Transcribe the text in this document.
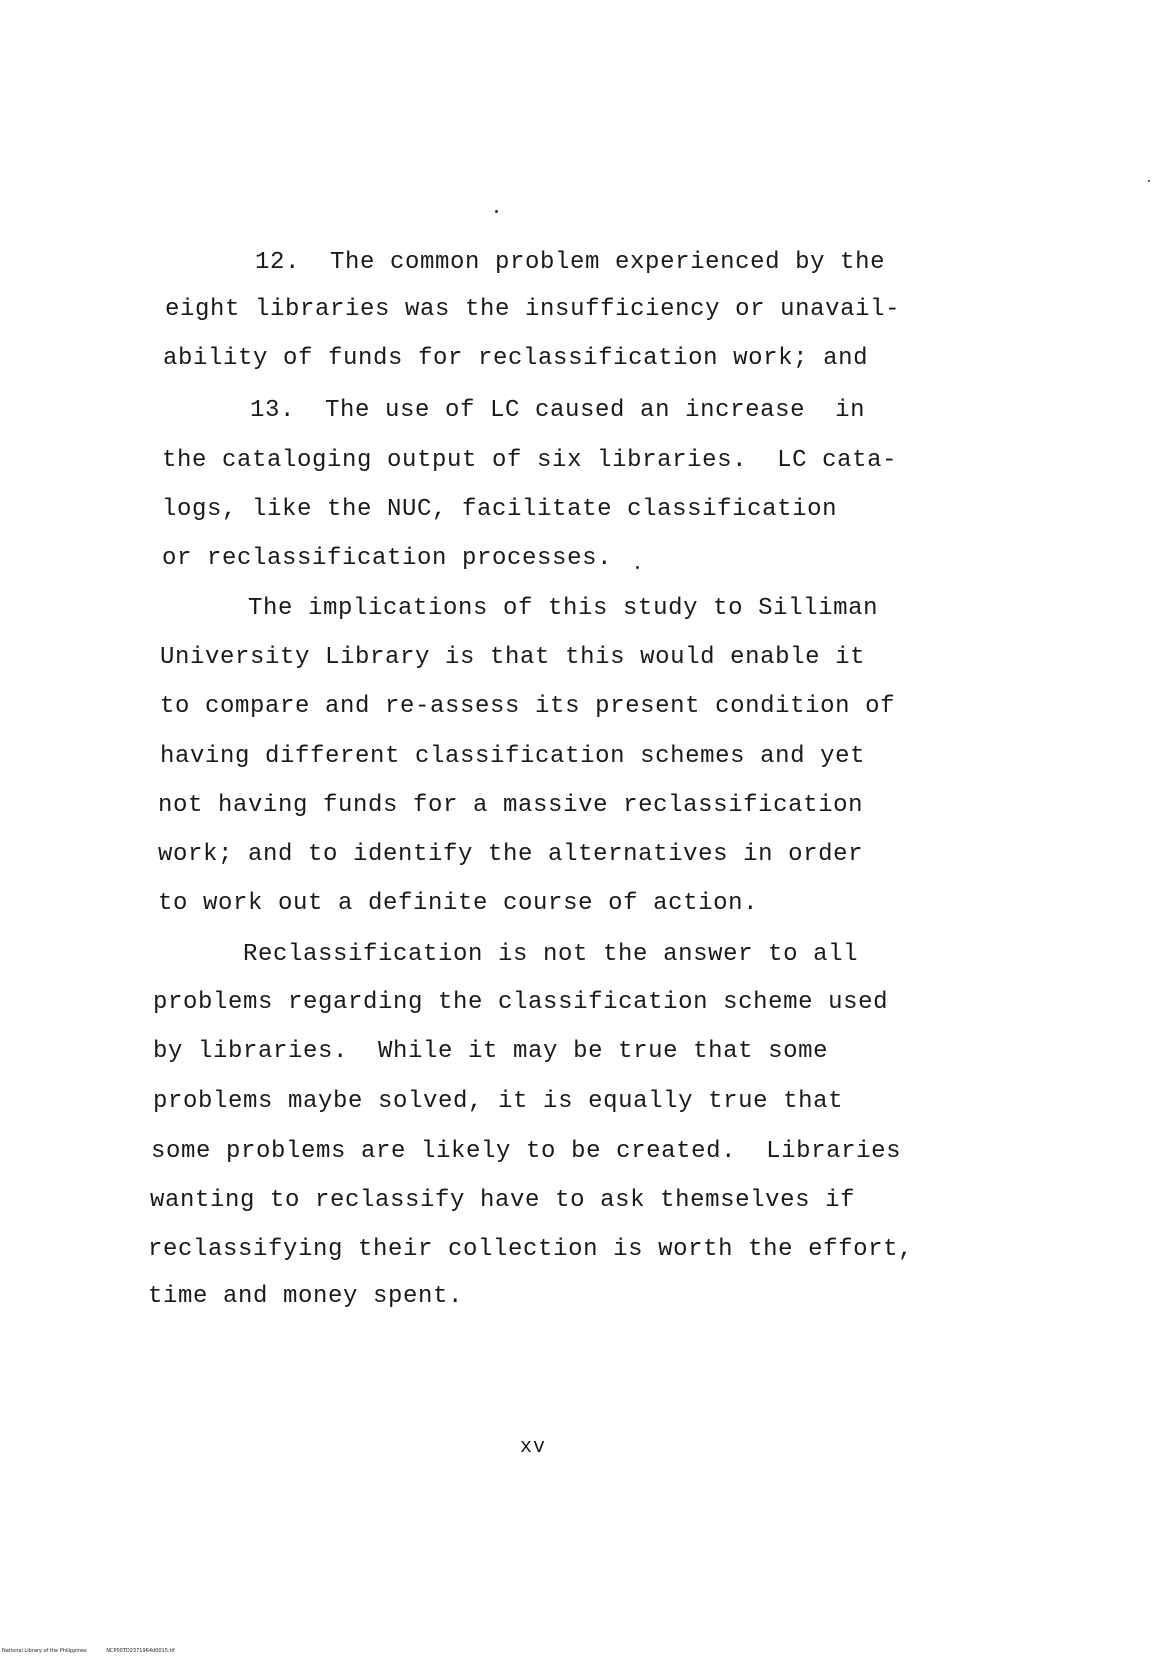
12.  The common problem experienced by the
eight libraries was the insufficiency or unavail-
ability of funds for reclassification work; and
13.  The use of LC caused an increase  in
the cataloging output of six libraries.  LC cata-
logs, like the NUC, facilitate classification
or reclassification processes.
The implications of this study to Silliman
University Library is that this would enable it
to compare and re-assess its present condition of
having different classification schemes and yet
not having funds for a massive reclassification
work; and to identify the alternatives in order
to work out a definite course of action.
Reclassification is not the answer to all
problems regarding the classification scheme used
by libraries.  While it may be true that some
problems maybe solved, it is equally true that
some problems are likely to be created.  Libraries
wanting to reclassify have to ask themselves if
reclassifying their collection is worth the effort,
time and money spent.
xv
National Library of the Philippines	NCP00TD2371964d0015.tif
